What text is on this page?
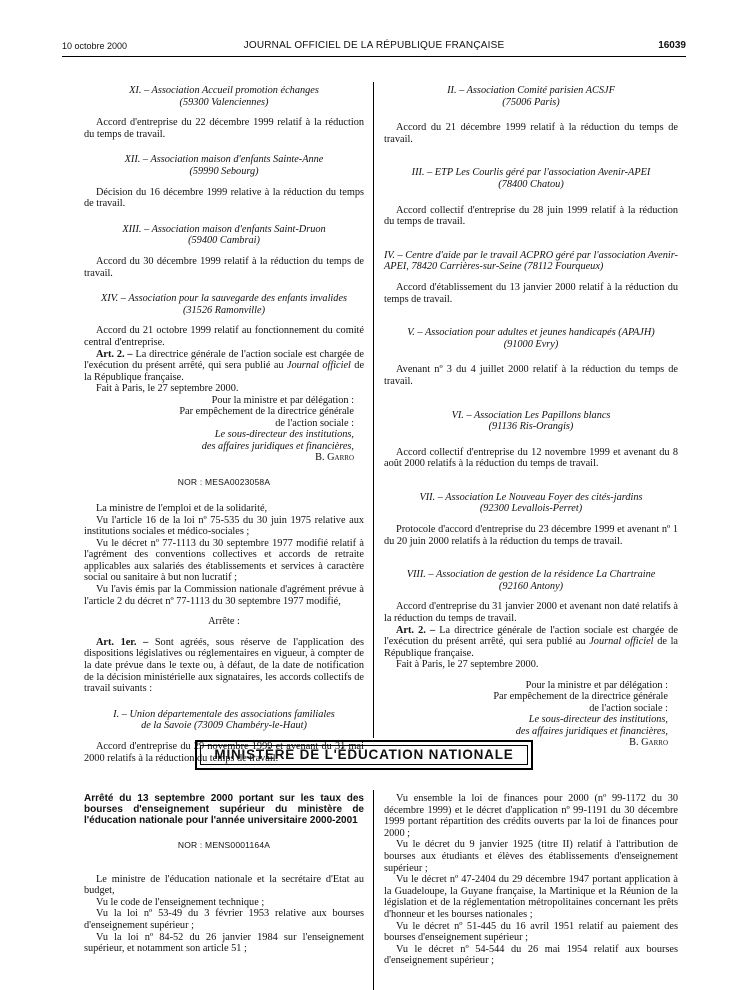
10 octobre 2000	JOURNAL OFFICIEL DE LA RÉPUBLIQUE FRANÇAISE	16039
XI. – Association Accueil promotion échanges
(59300 Valenciennes)

Accord d'entreprise du 22 décembre 1999 relatif à la réduction du temps de travail.

XII. – Association maison d'enfants Sainte-Anne
(59990 Sebourg)

Décision du 16 décembre 1999 relative à la réduction du temps de travail.

XIII. – Association maison d'enfants Saint-Druon
(59400 Cambrai)

Accord du 30 décembre 1999 relatif à la réduction du temps de travail.

XIV. – Association pour la sauvegarde des enfants invalides
(31526 Ramonville)

Accord du 21 octobre 1999 relatif au fonctionnement du comité central d'entreprise.

Art. 2. – La directrice générale de l'action sociale est chargée de l'exécution du présent arrêté, qui sera publié au Journal officiel de la République française.

Fait à Paris, le 27 septembre 2000.

Pour la ministre et par délégation :
Par empêchement de la directrice générale
de l'action sociale :
Le sous-directeur des institutions,
des affaires juridiques et financières,
B. Garro
NOR : MESA0023058A

La ministre de l'emploi et de la solidarité,

Vu l'article 16 de la loi nº 75-535 du 30 juin 1975 relative aux institutions sociales et médico-sociales ;

Vu le décret nº 77-1113 du 30 septembre 1977 modifié relatif à l'agrément des conventions collectives et accords de retraite applicables aux salariés des établissements et services à caractère social ou sanitaire à but non lucratif ;

Vu l'avis émis par la Commission nationale d'agrément prévue à l'article 2 du décret nº 77-1113 du 30 septembre 1977 modifié,

Arrête :

Art. 1er. – Sont agréés, sous réserve de l'application des dispositions législatives ou réglementaires en vigueur, à compter de la date prévue dans le texte ou, à défaut, de la date de notification de la décision ministérielle aux signataires, les accords collectifs de travail suivants :

I. – Union départementale des associations familiales
de la Savoie (73009 Chambéry-le-Haut)

Accord d'entreprise du 29 novembre 1999 et avenant du 31 mai 2000 relatifs à la réduction du temps de travail.

II. – Association Comité parisien ACSJF
(75006 Paris)

Accord du 21 décembre 1999 relatif à la réduction du temps de travail.

III. – ETP Les Courlis géré par l'association Avenir-APEI
(78400 Chatou)

Accord collectif d'entreprise du 28 juin 1999 relatif à la réduction du temps de travail.

IV. – Centre d'aide par le travail ACPRO géré par l'association Avenir-APEI, 78420 Carrières-sur-Seine (78112 Fourqueux)

Accord d'établissement du 13 janvier 2000 relatif à la réduction du temps de travail.

V. – Association pour adultes et jeunes handicapés (APAJH)
(91000 Evry)

Avenant nº 3 du 4 juillet 2000 relatif à la réduction du temps de travail.

VI. – Association Les Papillons blancs
(91136 Ris-Orangis)

Accord collectif d'entreprise du 12 novembre 1999 et avenant du 8 août 2000 relatifs à la réduction du temps de travail.

VII. – Association Le Nouveau Foyer des cités-jardins
(92300 Levallois-Perret)

Protocole d'accord d'entreprise du 23 décembre 1999 et avenant nº 1 du 20 juin 2000 relatifs à la réduction du temps de travail.

VIII. – Association de gestion de la résidence La Chartraine
(92160 Antony)

Accord d'entreprise du 31 janvier 2000 et avenant non daté relatifs à la réduction du temps de travail.

Art. 2. – La directrice générale de l'action sociale est chargée de l'exécution du présent arrêté, qui sera publié au Journal officiel de la République française.

Fait à Paris, le 27 septembre 2000.

Pour la ministre et par délégation :
Par empêchement de la directrice générale
de l'action sociale :
Le sous-directeur des institutions,
des affaires juridiques et financières,
B. Garro
MINISTÈRE DE L'ÉDUCATION NATIONALE
Arrêté du 13 septembre 2000 portant sur les taux des bourses d'enseignement supérieur du ministère de l'éducation nationale pour l'année universitaire 2000-2001
NOR : MENS0001164A

Le ministre de l'éducation nationale et la secrétaire d'Etat au budget,

Vu le code de l'enseignement technique ;

Vu la loi nº 53-49 du 3 février 1953 relative aux bourses d'enseignement supérieur ;

Vu la loi nº 84-52 du 26 janvier 1984 sur l'enseignement supérieur, et notamment son article 51 ;

Vu ensemble la loi de finances pour 2000 (nº 99-1172 du 30 décembre 1999) et le décret d'application nº 99-1191 du 30 décembre 1999 portant répartition des crédits ouverts par la loi de finances pour 2000 ;

Vu le décret du 9 janvier 1925 (titre II) relatif à l'attribution de bourses aux étudiants et élèves des établissements d'enseignement supérieur ;

Vu le décret nº 47-2404 du 29 décembre 1947 portant application à la Guadeloupe, la Guyane française, la Martinique et la Réunion de la législation et de la réglementation métropolitaines concernant les prêts d'honneur et les bourses nationales ;

Vu le décret nº 51-445 du 16 avril 1951 relatif au paiement des bourses d'enseignement supérieur ;

Vu le décret nº 54-544 du 26 mai 1954 relatif aux bourses d'enseignement supérieur ;
